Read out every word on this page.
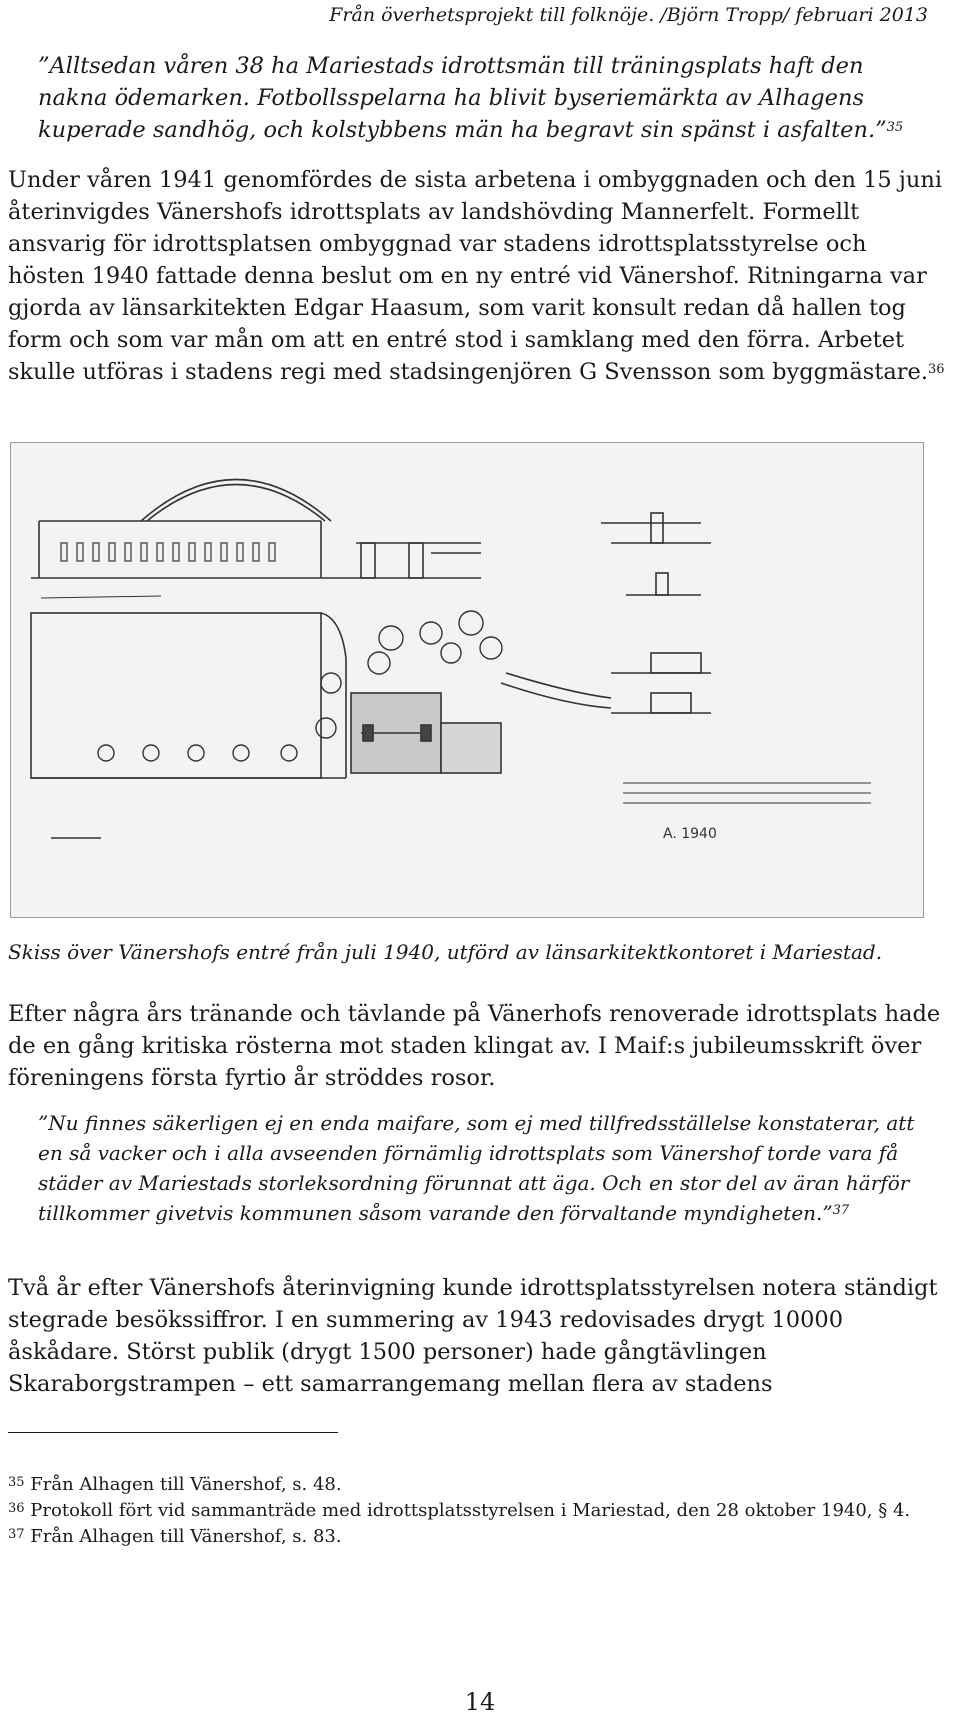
Från överhetsprojekt till folknöje. /Björn Tropp/ februari 2013
”Alltsedan våren 38 ha Mariestads idrottsmän till träningsplats haft den nakna ödemarken. Fotbollsspelarna ha blivit byseriemärkta av Alhagens kuperade sandhög, och kolstybbens män ha begravt sin spänst i asfalten.”$^{35}$

Under våren 1941 genomfördes de sista arbetena i ombyggnaden och den 15 juni återinvigdes Vänershofs idrottsplats av landshövding Mannerfelt. Formellt ansvarig för idrottsplatsen ombyggnad var stadens idrottsplatsstyrelse och hösten 1940 fattade denna beslut om en ny entré vid Vänershof. Ritningarna var gjorda av länsarkitekten Edgar Haasum, som varit konsult redan då hallen tog form och som var mån om att en entré stod i samklang med den förra. Arbetet skulle utföras i stadens regi med stadsingenjören G Svensson som byggmästare.$^{36}$

A. 1940
Skiss över Vänershofs entré från juli 1940, utförd av länsarkitektkontoret i Mariestad.

Efter några års tränande och tävlande på Vänerhofs renoverade idrottsplats hade de en gång kritiska rösterna mot staden klingat av. I Maif:s jubileumsskrift över föreningens första fyrtio år ströddes rosor.

”Nu finnes säkerligen ej en enda maifare, som ej med tillfredsställelse konstaterar, att en så vacker och i alla avseenden förnämlig idrottsplats som Vänershof torde vara få städer av Mariestads storleksordning förunnat att äga. Och en stor del av äran härför tillkommer givetvis kommunen såsom varande den förvaltande myndigheten.”$^{37}$

Två år efter Vänershofs återinvigning kunde idrottsplatsstyrelsen notera ständigt stegrade besökssiffror. I en summering av 1943 redovisades drygt 10000 åskådare. Störst publik (drygt 1500 personer) hade gångtävlingen Skaraborgstrampen – ett samarrangemang mellan flera av stadens

$^{35}$ Från Alhagen till Vänershof, s. 48.

$^{36}$ Protokoll fört vid sammanträde med idrottsplatsstyrelsen i Mariestad, den 28 oktober 1940, § 4.

$^{37}$ Från Alhagen till Vänershof, s. 83.

14
